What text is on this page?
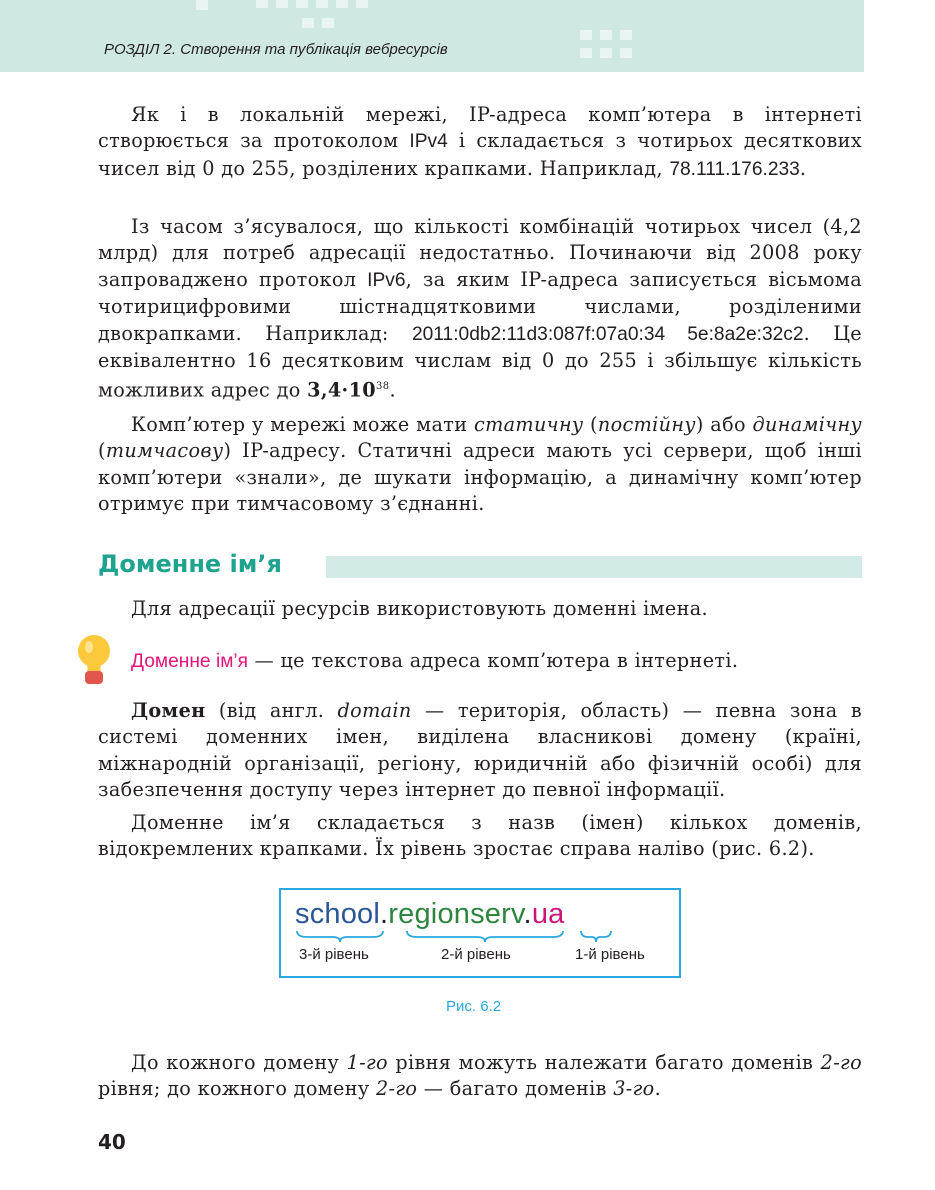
РОЗДІЛ 2. Створення та публікація вебресурсів

Як і в локальній мережі, IP-адреса комп’ютера в інтернеті створюється за протоколом IPv4 і складається з чотирьох десяткових чисел від 0 до 255, розділених крапками. Наприклад, 78.111.176.233.

Із часом з’ясувалося, що кількості комбінацій чотирьох чисел (4,2 млрд) для потреб адресації недостатньо. Починаючи від 2008 року запроваджено протокол IPv6, за яким IP-адреса записується вісьмома чотирицифровими шістнадцятковими числами, розділеними двокрапками. Наприклад: 2011:0db2:11d3:087f:07a0:34 5e:8a2e:32c2. Це еквівалентно 16 десятковим числам від 0 до 255 і збільшує кількість можливих адрес до $3,4\cdot 10^{38}$.

Комп’ютер у мережі може мати статичну (постійну) або динамічну (тимчасову) IP-адресу. Статичні адреси мають усі сервери, щоб інші комп’ютери «знали», де шукати інформацію, а динамічну комп’ютер отримує при тимчасовому з’єднанні.

Доменне ім’я

Для адресації ресурсів використовують доменні імена.

Доменне ім’я — це текстова адреса комп’ютера в інтернеті.

Домен (від англ. domain — територія, область) — певна зона в системі доменних імен, виділена власникові домену (країні, міжнародній організації, регіону, юридичній або фізичній особі) для забезпечення доступу через інтернет до певної інформації.

Доменне ім’я складається з назв (імен) кількох доменів, відокремлених крапками. Їх рівень зростає справа наліво (рис. 6.2).

school.regionserv.ua
3-й рівень	2-й рівень	1-й рівень
Рис. 6.2

До кожного домену 1-го рівня можуть належати багато доменів 2-го рівня; до кожного домену 2-го — багато доменів 3-го.

40
